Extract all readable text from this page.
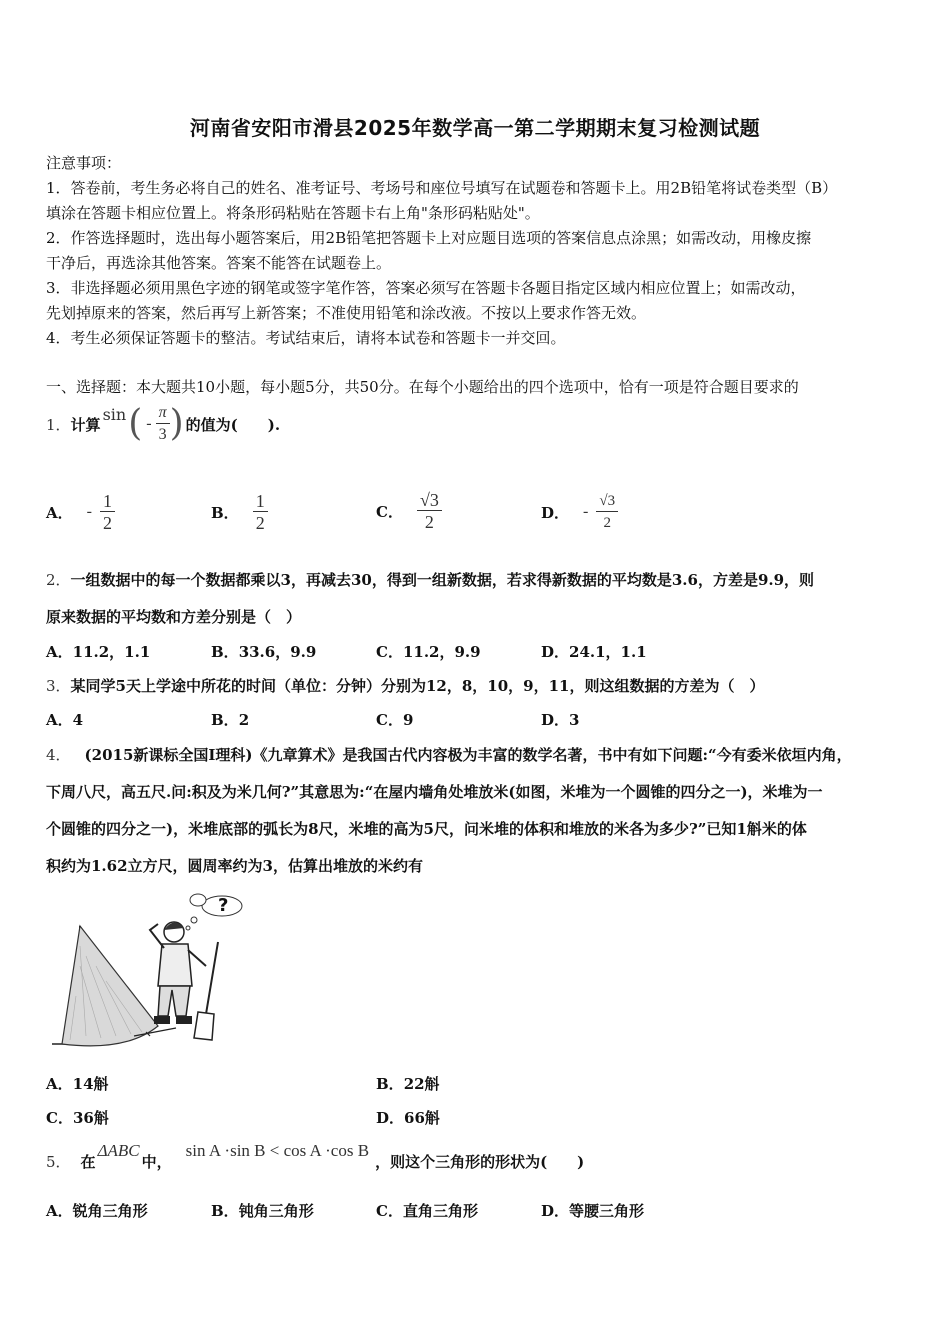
河南省安阳市滑县2025年数学高一第二学期期末复习检测试题
注意事项：
1．答卷前，考生务必将自己的姓名、准考证号、考场号和座位号填写在试题卷和答题卡上。用2B铅笔将试卷类型（B）
填涂在答题卡相应位置上。将条形码粘贴在答题卡右上角"条形码粘贴处"。
2．作答选择题时，选出每小题答案后，用2B铅笔把答题卡上对应题目选项的答案信息点涂黑；如需改动，用橡皮擦
干净后，再选涂其他答案。答案不能答在试题卷上。
3．非选择题必须用黑色字迹的钢笔或签字笔作答，答案必须写在答题卡各题目指定区域内相应位置上；如需改动，
先划掉原来的答案，然后再写上新答案；不准使用铅笔和涂改液。不按以上要求作答无效。
4．考生必须保证答题卡的整洁。考试结束后，请将本试卷和答题卡一并交回。
一、选择题：本大题共10小题，每小题5分，共50分。在每个小题给出的四个选项中，恰有一项是符合题目要求的
1． 计算
sin ( - $\frac{\pi}{3}$ ) 的值为(　　).
A． - $\frac{1}{2}$	B． $\frac{1}{2}$	C． $\frac{√3}{2}$	D． - $\frac{√3}{2}$
2．一组数据中的每一个数据都乘以3，再减去30，得到一组新数据，若求得新数据的平均数是3.6，方差是9.9，则
原来数据的平均数和方差分别是（　）
A．11.2，1.1	B．33.6，9.9	C．11.2，9.9	D．24.1，1.1
3．某同学5天上学途中所花的时间（单位：分钟）分别为12，8，10，9，11，则这组数据的方差为（　）
A．4	B．2	C．9	D．3
4． (2015新课标全国I理科)《九章算术》是我国古代内容极为丰富的数学名著，书中有如下问题:“今有委米依垣内角，
下周八尺，高五尺.问:积及为米几何?”其意思为:“在屋内墙角处堆放米(如图，米堆为一个圆锥的四分之一)，米堆为一
个圆锥的四分之一)，米堆底部的弧长为8尺，米堆的高为5尺，问米堆的体积和堆放的米各为多少?”已知1斛米的体
积约为1.62立方尺，圆周率约为3，估算出堆放的米约有
?
A．14斛	B．22斛
C．36斛	D．66斛
5． 在
ΔABC
中，
sin A ·sin B < cos A ·cos B
，则这个三角形的形状为(　　)
A．锐角三角形	B．钝角三角形	C．直角三角形	D．等腰三角形
